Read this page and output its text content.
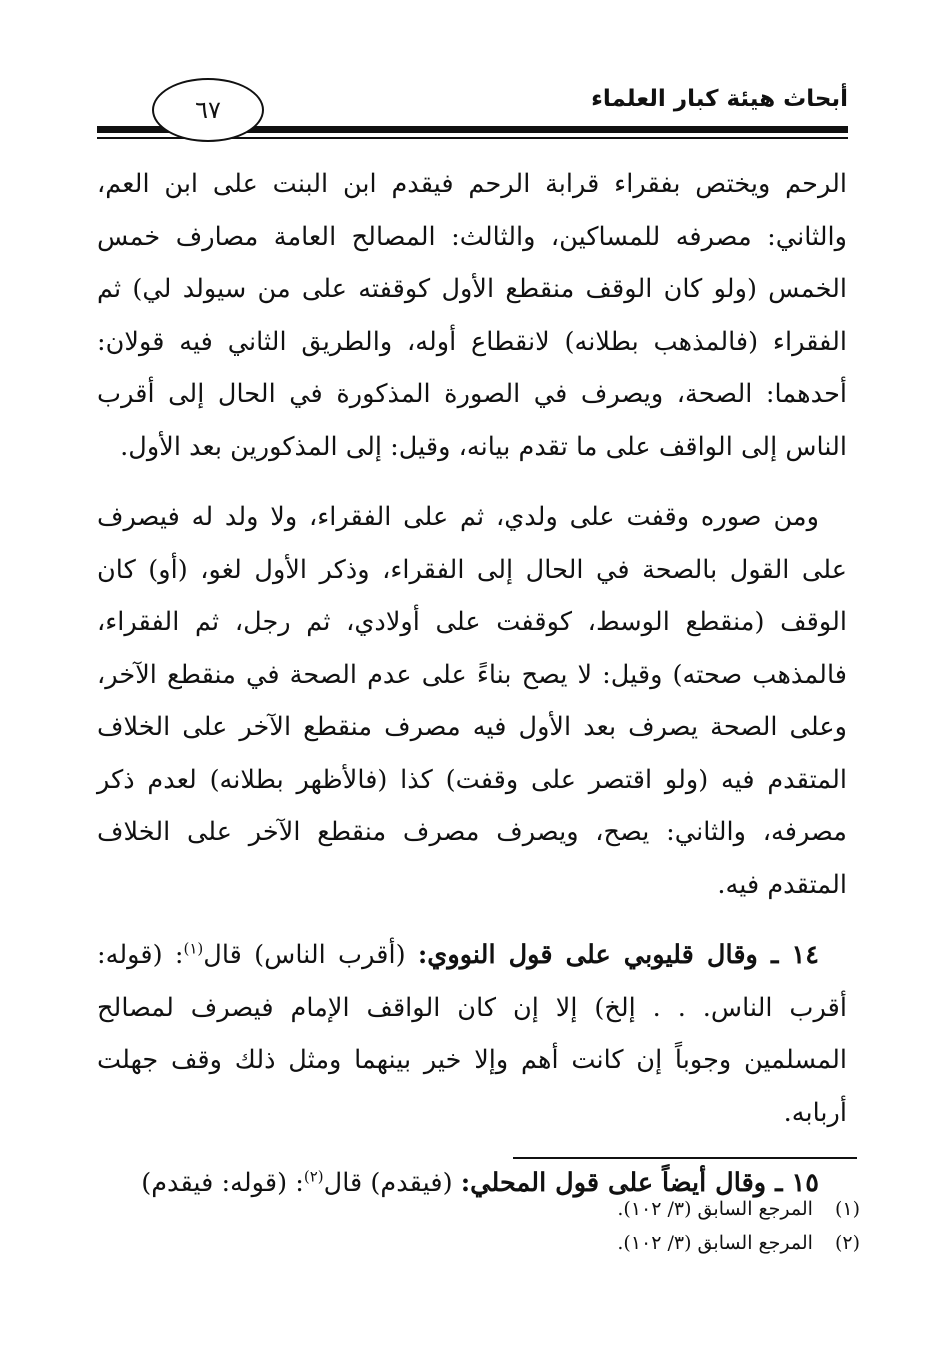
أبحاث هيئة كبار العلماء
٦٧

الرحم ويختص بفقراء قرابة الرحم فيقدم ابن البنت على ابن العم، والثاني: مصرفه للمساكين، والثالث: المصالح العامة مصارف خمس الخمس (ولو كان الوقف منقطع الأول كوقفته على من سيولد لي) ثم الفقراء (فالمذهب بطلانه) لانقطاع أوله، والطريق الثاني فيه قولان: أحدهما: الصحة، ويصرف في الصورة المذكورة في الحال إلى أقرب الناس إلى الواقف على ما تقدم بيانه، وقيل: إلى المذكورين بعد الأول.

ومن صوره وقفت على ولدي، ثم على الفقراء، ولا ولد له فيصرف على القول بالصحة في الحال إلى الفقراء، وذكر الأول لغو، (أو) كان الوقف (منقطع الوسط، كوقفت على أولادي، ثم رجل، ثم الفقراء، فالمذهب صحته) وقيل: لا يصح بناءً على عدم الصحة في منقطع الآخر، وعلى الصحة يصرف بعد الأول فيه مصرف منقطع الآخر على الخلاف المتقدم فيه (ولو اقتصر على وقفت) كذا (فالأظهر بطلانه) لعدم ذكر مصرفه، والثاني: يصح، ويصرف مصرف منقطع الآخر على الخلاف المتقدم فيه.

١٤ ـ وقال قليوبي على قول النووي: (أقرب الناس) قال$^{(١)}$: (قوله: أقرب الناس. . . إلخ) إلا إن كان الواقف الإمام فيصرف لمصالح المسلمين وجوباً إن كانت أهم وإلا خير بينهما ومثل ذلك وقف جهلت أربابه.

١٥ ـ وقال أيضاً على قول المحلي: (فيقدم) قال$^{(٢)}$: (قوله: فيقدم)

(١)
المرجع السابق (٣/ ١٠٢).
(٢)
المرجع السابق (٣/ ١٠٢).
